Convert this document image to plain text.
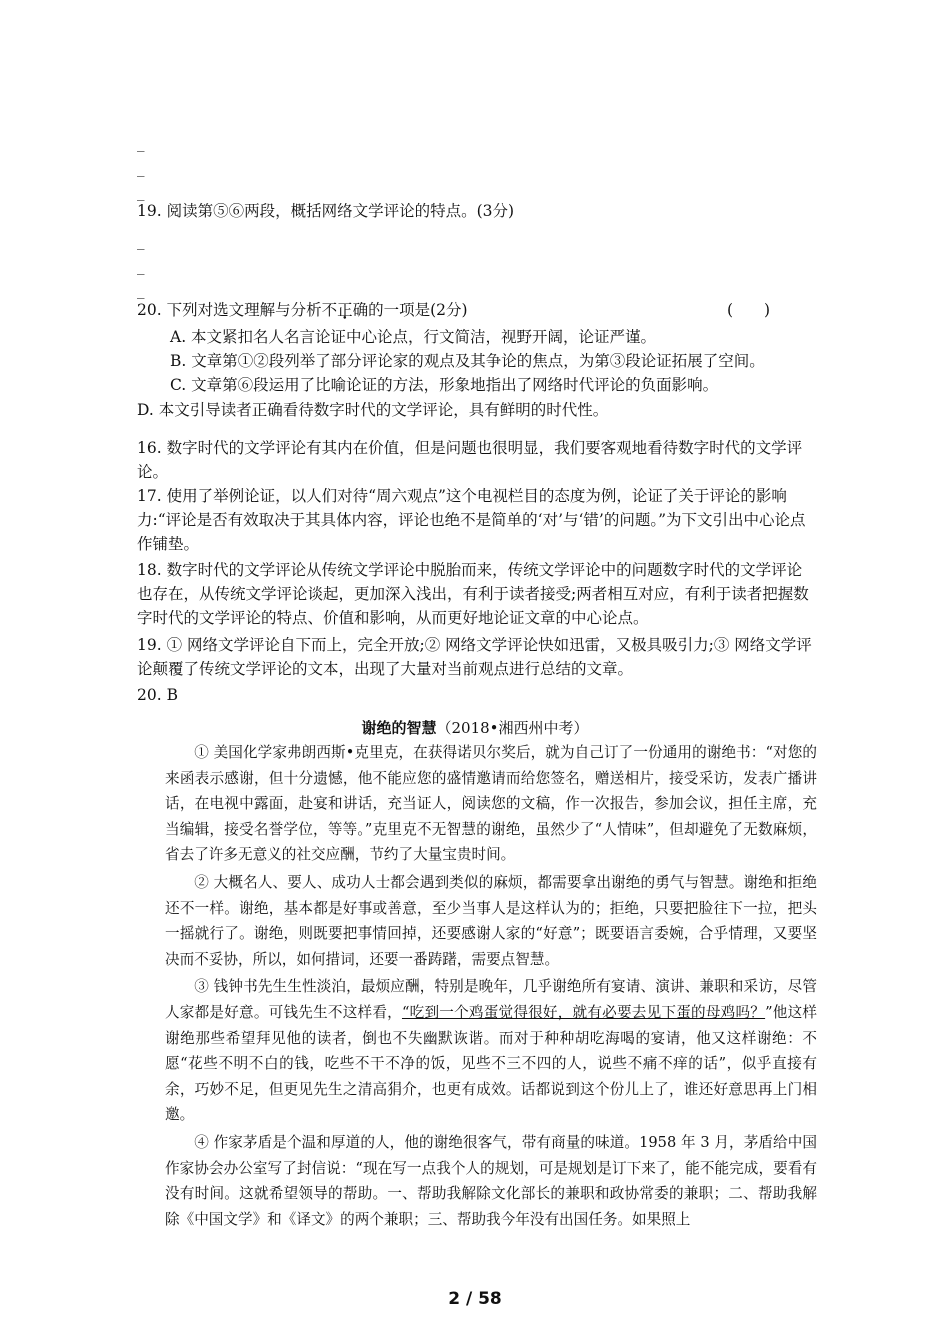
_
_
_
19. 阅读第⑤⑥两段，概括网络文学评论的特点。(3分)
_
_
_
20. 下列对选文理解与分析不正确的一项是(2分)	(　　)
A. 本文紧扣名人名言论证中心论点，行文简洁，视野开阔，论证严谨。
B. 文章第①②段列举了部分评论家的观点及其争论的焦点，为第③段论证拓展了空间。
C. 文章第⑥段运用了比喻论证的方法，形象地指出了网络时代评论的负面影响。
D. 本文引导读者正确看待数字时代的文学评论，具有鲜明的时代性。
16. 数字时代的文学评论有其内在价值，但是问题也很明显，我们要客观地看待数字时代的文学评论。
17. 使用了举例论证，以人们对待“周六观点”这个电视栏目的态度为例，论证了关于评论的影响力:“评论是否有效取决于其具体内容，评论也绝不是简单的‘对’与‘错’的问题。”为下文引出中心论点作铺垫。
18. 数字时代的文学评论从传统文学评论中脱胎而来，传统文学评论中的问题数字时代的文学评论也存在，从传统文学评论谈起，更加深入浅出，有利于读者接受;两者相互对应，有利于读者把握数字时代的文学评论的特点、价值和影响，从而更好地论证文章的中心论点。
19. ① 网络文学评论自下而上，完全开放;② 网络文学评论快如迅雷，又极具吸引力;③ 网络文学评论颠覆了传统文学评论的文本，出现了大量对当前观点进行总结的文章。
20. B
谢绝的智慧（2018•湘西州中考）

① 美国化学家弗朗西斯•克里克，在获得诺贝尔奖后，就为自己订了一份通用的谢绝书：“对您的来函表示感谢，但十分遗憾，他不能应您的盛情邀请而给您签名，赠送相片，接受采访，发表广播讲话，在电视中露面，赴宴和讲话，充当证人，阅读您的文稿，作一次报告，参加会议，担任主席，充当编辑，接受名誉学位，等等。”克里克不无智慧的谢绝，虽然少了“人情味”，但却避免了无数麻烦，省去了许多无意义的社交应酬，节约了大量宝贵时间。

② 大概名人、要人、成功人士都会遇到类似的麻烦，都需要拿出谢绝的勇气与智慧。谢绝和拒绝还不一样。谢绝，基本都是好事或善意，至少当事人是这样认为的；拒绝，只要把脸往下一拉，把头一摇就行了。谢绝，则既要把事情回掉，还要感谢人家的“好意”；既要语言委婉，合乎情理，又要坚决而不妥协，所以，如何措词，还要一番踌躇，需要点智慧。

③ 钱钟书先生生性淡泊，最烦应酬，特别是晚年，几乎谢绝所有宴请、演讲、兼职和采访，尽管人家都是好意。可钱先生不这样看，“吃到一个鸡蛋觉得很好，就有必要去见下蛋的母鸡吗？”他这样谢绝那些希望拜见他的读者，倒也不失幽默诙谐。而对于种种胡吃海喝的宴请，他又这样谢绝：不愿“花些不明不白的钱，吃些不干不净的饭，见些不三不四的人，说些不痛不痒的话”，似乎直接有余，巧妙不足，但更见先生之清高狷介，也更有成效。话都说到这个份儿上了，谁还好意思再上门相邀。

④ 作家茅盾是个温和厚道的人，他的谢绝很客气，带有商量的味道。1958 年 3 月，茅盾给中国作家协会办公室写了封信说：“现在写一点我个人的规划，可是规划是订下来了，能不能完成，要看有没有时间。这就希望领导的帮助。一、帮助我解除文化部长的兼职和政协常委的兼职；二、帮助我解除《中国文学》和《译文》的两个兼职；三、帮助我今年没有出国任务。如果照上

2 / 58
